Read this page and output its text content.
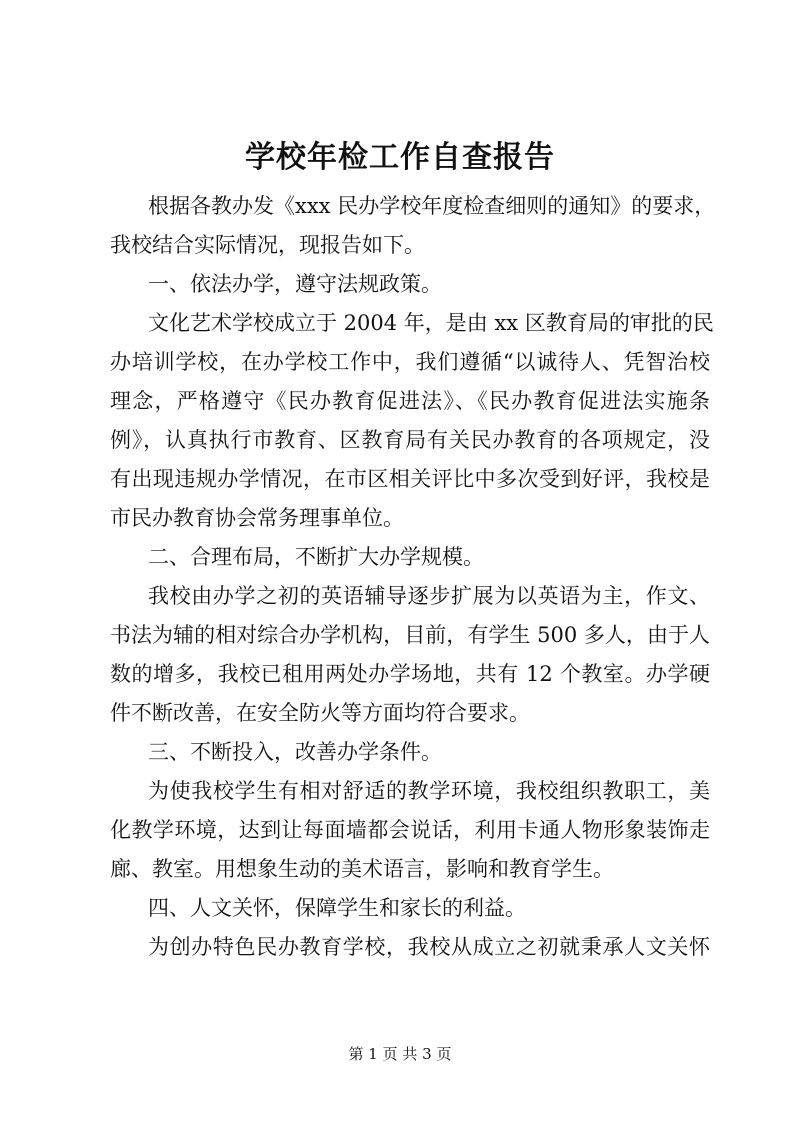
学校年检工作自查报告
根据各教办发《xxx 民办学校年度检查细则的通知》的要求，
我校结合实际情况，现报告如下。
一、依法办学，遵守法规政策。
文化艺术学校成立于 2004 年，是由 xx 区教育局的审批的民
办培训学校，在办学校工作中，我们遵循“以诚待人、凭智治校
理念，严格遵守《民办教育促进法》、《民办教育促进法实施条
例》，认真执行市教育、区教育局有关民办教育的各项规定，没
有出现违规办学情况，在市区相关评比中多次受到好评，我校是
市民办教育协会常务理事单位。
二、合理布局，不断扩大办学规模。
我校由办学之初的英语辅导逐步扩展为以英语为主，作文、
书法为辅的相对综合办学机构，目前，有学生 500 多人，由于人
数的增多，我校已租用两处办学场地，共有 12 个教室。办学硬
件不断改善，在安全防火等方面均符合要求。
三、不断投入，改善办学条件。
为使我校学生有相对舒适的教学环境，我校组织教职工，美
化教学环境，达到让每面墙都会说话，利用卡通人物形象装饰走
廊、教室。用想象生动的美术语言，影响和教育学生。
四、人文关怀，保障学生和家长的利益。
为创办特色民办教育学校，我校从成立之初就秉承人文关怀
第 1 页 共 3 页
